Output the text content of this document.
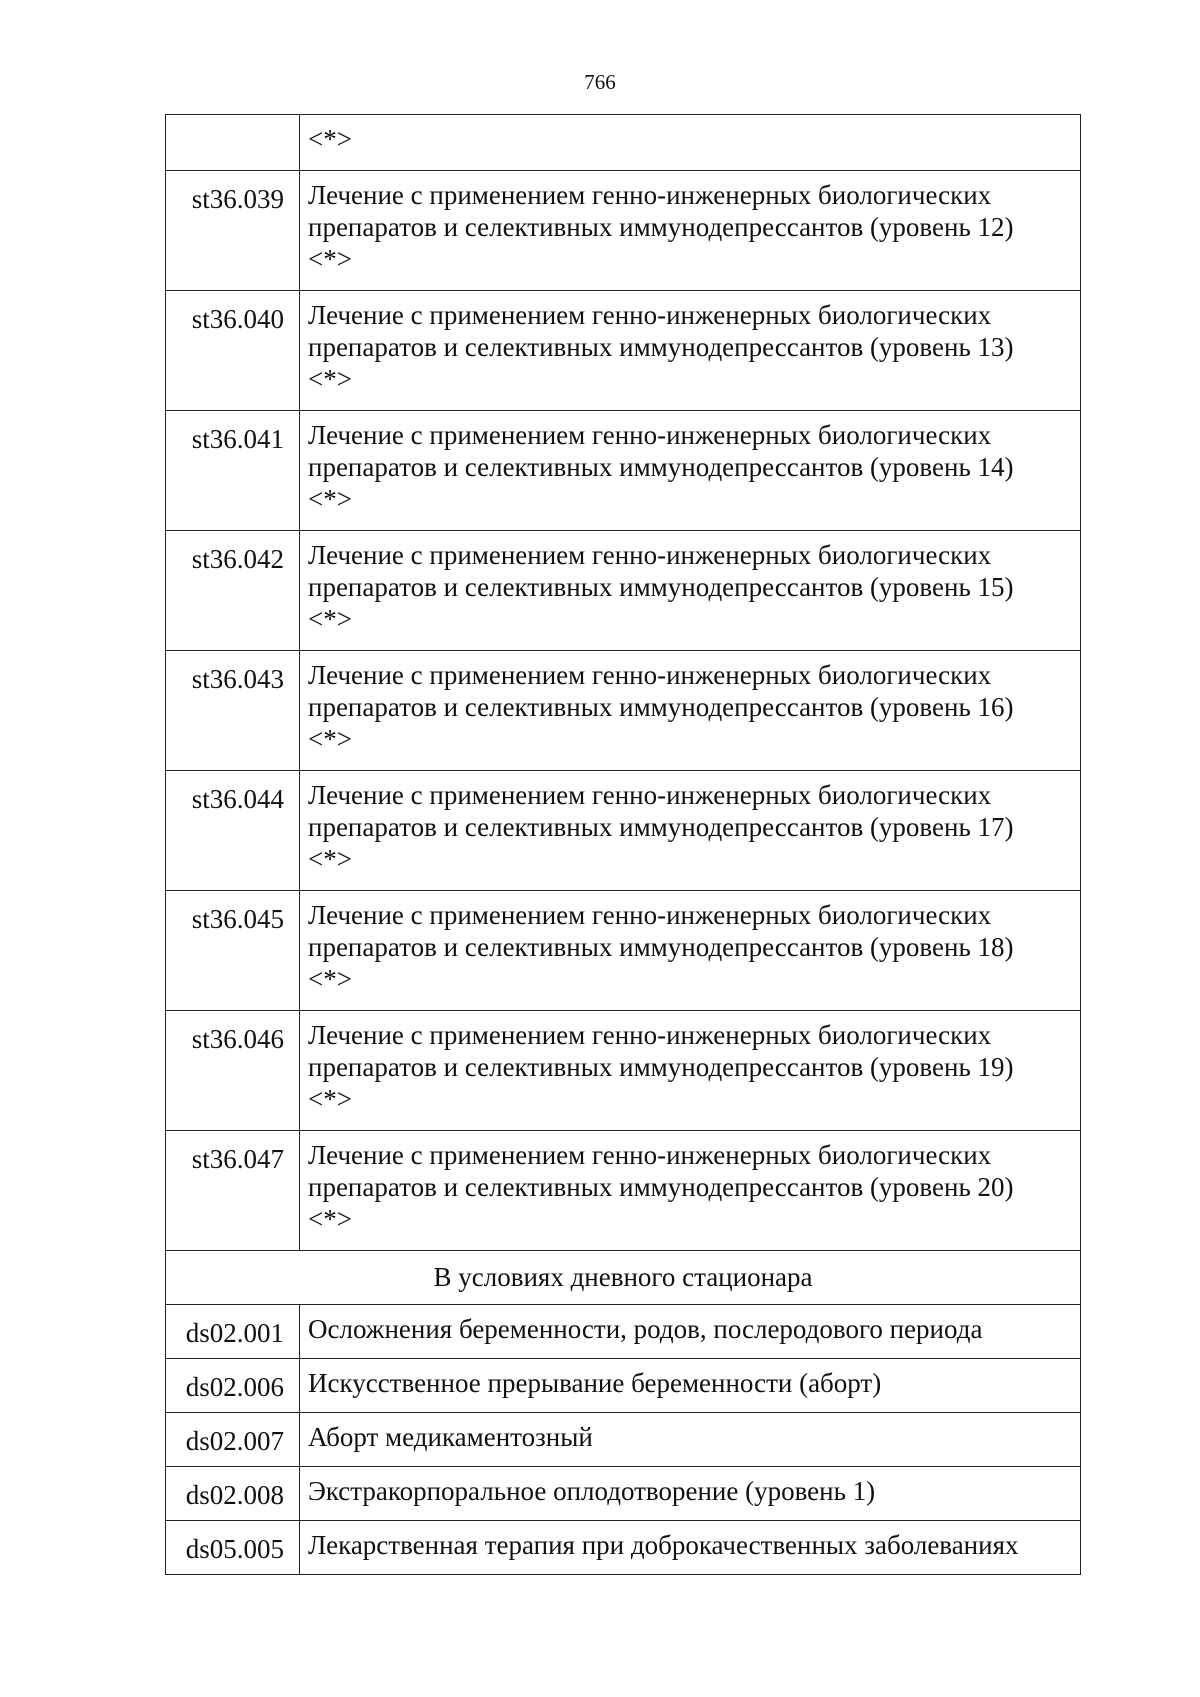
766
	<*>
st36.039	Лечение с применением генно-инженерных биологических
препаратов и селективных иммунодепрессантов (уровень 12)
<*>

st36.040	Лечение с применением генно-инженерных биологических
препаратов и селективных иммунодепрессантов (уровень 13)
<*>

st36.041	Лечение с применением генно-инженерных биологических
препаратов и селективных иммунодепрессантов (уровень 14)
<*>

st36.042	Лечение с применением генно-инженерных биологических
препаратов и селективных иммунодепрессантов (уровень 15)
<*>

st36.043	Лечение с применением генно-инженерных биологических
препаратов и селективных иммунодепрессантов (уровень 16)
<*>

st36.044	Лечение с применением генно-инженерных биологических
препаратов и селективных иммунодепрессантов (уровень 17)
<*>

st36.045	Лечение с применением генно-инженерных биологических
препаратов и селективных иммунодепрессантов (уровень 18)
<*>

st36.046	Лечение с применением генно-инженерных биологических
препаратов и селективных иммунодепрессантов (уровень 19)
<*>

st36.047	Лечение с применением генно-инженерных биологических
препаратов и селективных иммунодепрессантов (уровень 20)
<*>

В условиях дневного стационара	
ds02.001	Осложнения беременности, родов, послеродового периода

ds02.006	Искусственное прерывание беременности (аборт)

ds02.007	Аборт медикаментозный

ds02.008	Экстракорпоральное оплодотворение (уровень 1)

ds05.005	Лекарственная терапия при доброкачественных заболеваниях
